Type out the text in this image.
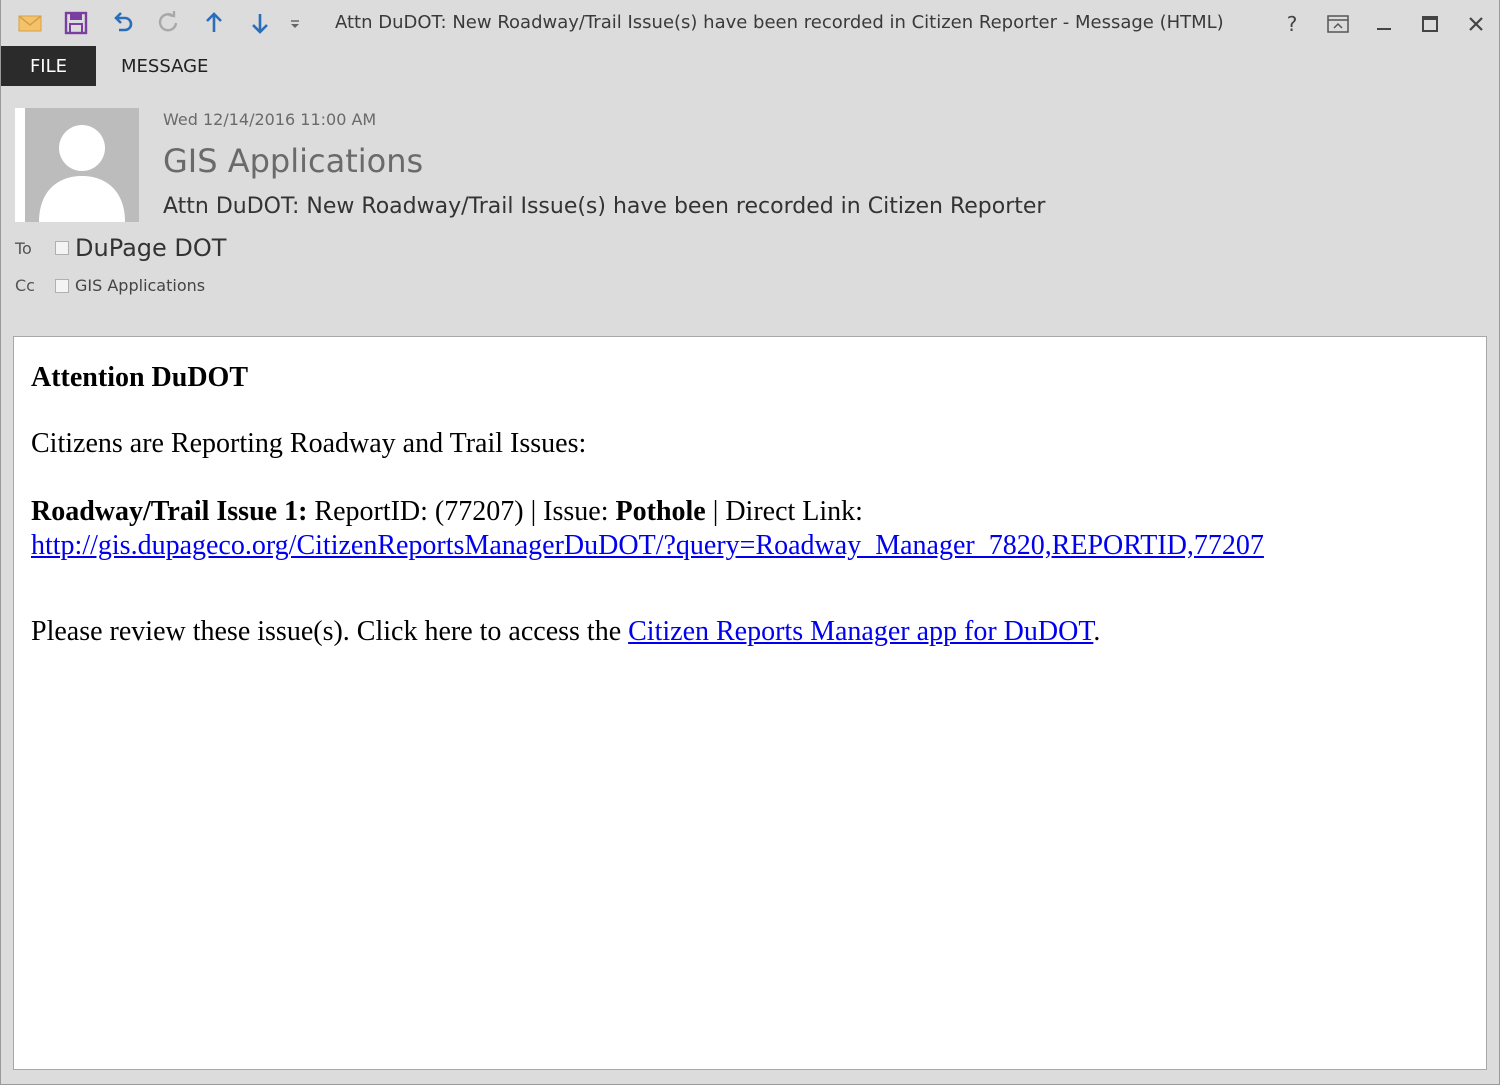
Attn DuDOT: New Roadway/Trail Issue(s) have been recorded in Citizen Reporter - Message (HTML)	?
FILE	MESSAGE
Wed 12/14/2016 11:00 AM
GIS Applications
Attn DuDOT: New Roadway/Trail Issue(s) have been recorded in Citizen Reporter
To	DuPage DOT
Cc	GIS Applications

Attention DuDOT

Citizens are Reporting Roadway and Trail Issues:

Roadway/Trail Issue 1: ReportID: (77207) | Issue: Pothole | Direct Link:
http://gis.dupageco.org/CitizenReportsManagerDuDOT/?query=Roadway_Manager_7820,REPORTID,77207

Please review these issue(s). Click here to access the Citizen Reports Manager app for DuDOT.
